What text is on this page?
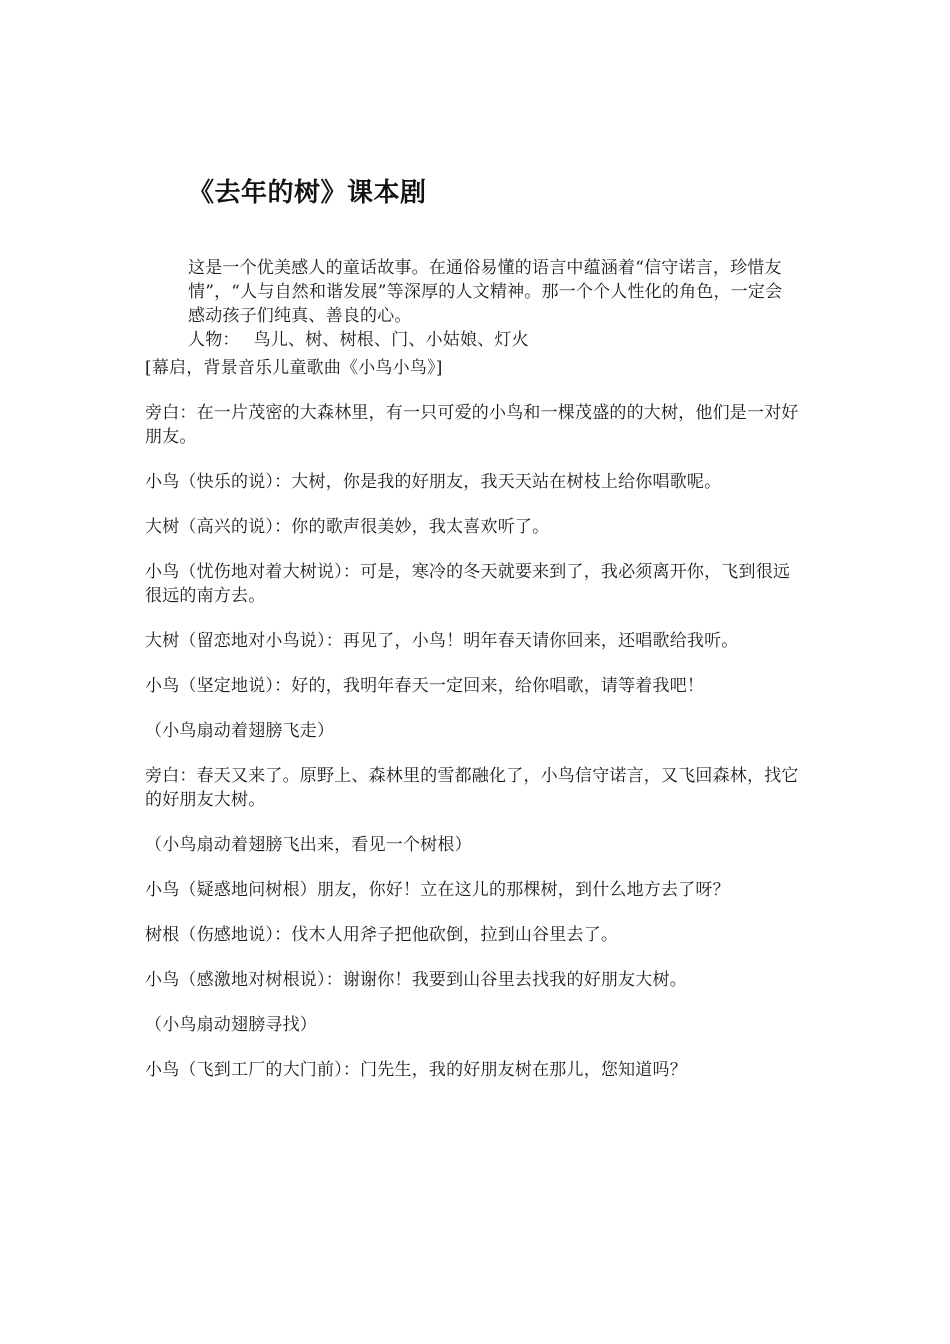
《去年的树》课本剧

这是一个优美感人的童话故事。在通俗易懂的语言中蕴涵着“信守诺言，珍惜友情”，“人与自然和谐发展”等深厚的人文精神。那一个个人性化的角色，一定会感动孩子们纯真、善良的心。

人物： 鸟儿、树、树根、门、小姑娘、灯火

[幕启，背景音乐儿童歌曲《小鸟小鸟》]

旁白：在一片茂密的大森林里，有一只可爱的小鸟和一棵茂盛的的大树，他们是一对好朋友。

小鸟（快乐的说）：大树，你是我的好朋友，我天天站在树枝上给你唱歌呢。

大树（高兴的说）：你的歌声很美妙，我太喜欢听了。

小鸟（忧伤地对着大树说）：可是，寒冷的冬天就要来到了，我必须离开你，飞到很远很远的南方去。

大树（留恋地对小鸟说）：再见了，小鸟！明年春天请你回来，还唱歌给我听。

小鸟（坚定地说）：好的，我明年春天一定回来，给你唱歌，请等着我吧！

（小鸟扇动着翅膀飞走）

旁白：春天又来了。原野上、森林里的雪都融化了，小鸟信守诺言，又飞回森林，找它的好朋友大树。

（小鸟扇动着翅膀飞出来，看见一个树根）

小鸟（疑惑地问树根）朋友，你好！立在这儿的那棵树，到什么地方去了呀？

树根（伤感地说）：伐木人用斧子把他砍倒，拉到山谷里去了。

小鸟（感激地对树根说）：谢谢你！我要到山谷里去找我的好朋友大树。

（小鸟扇动翅膀寻找）

小鸟（飞到工厂的大门前）：门先生，我的好朋友树在那儿，您知道吗？
